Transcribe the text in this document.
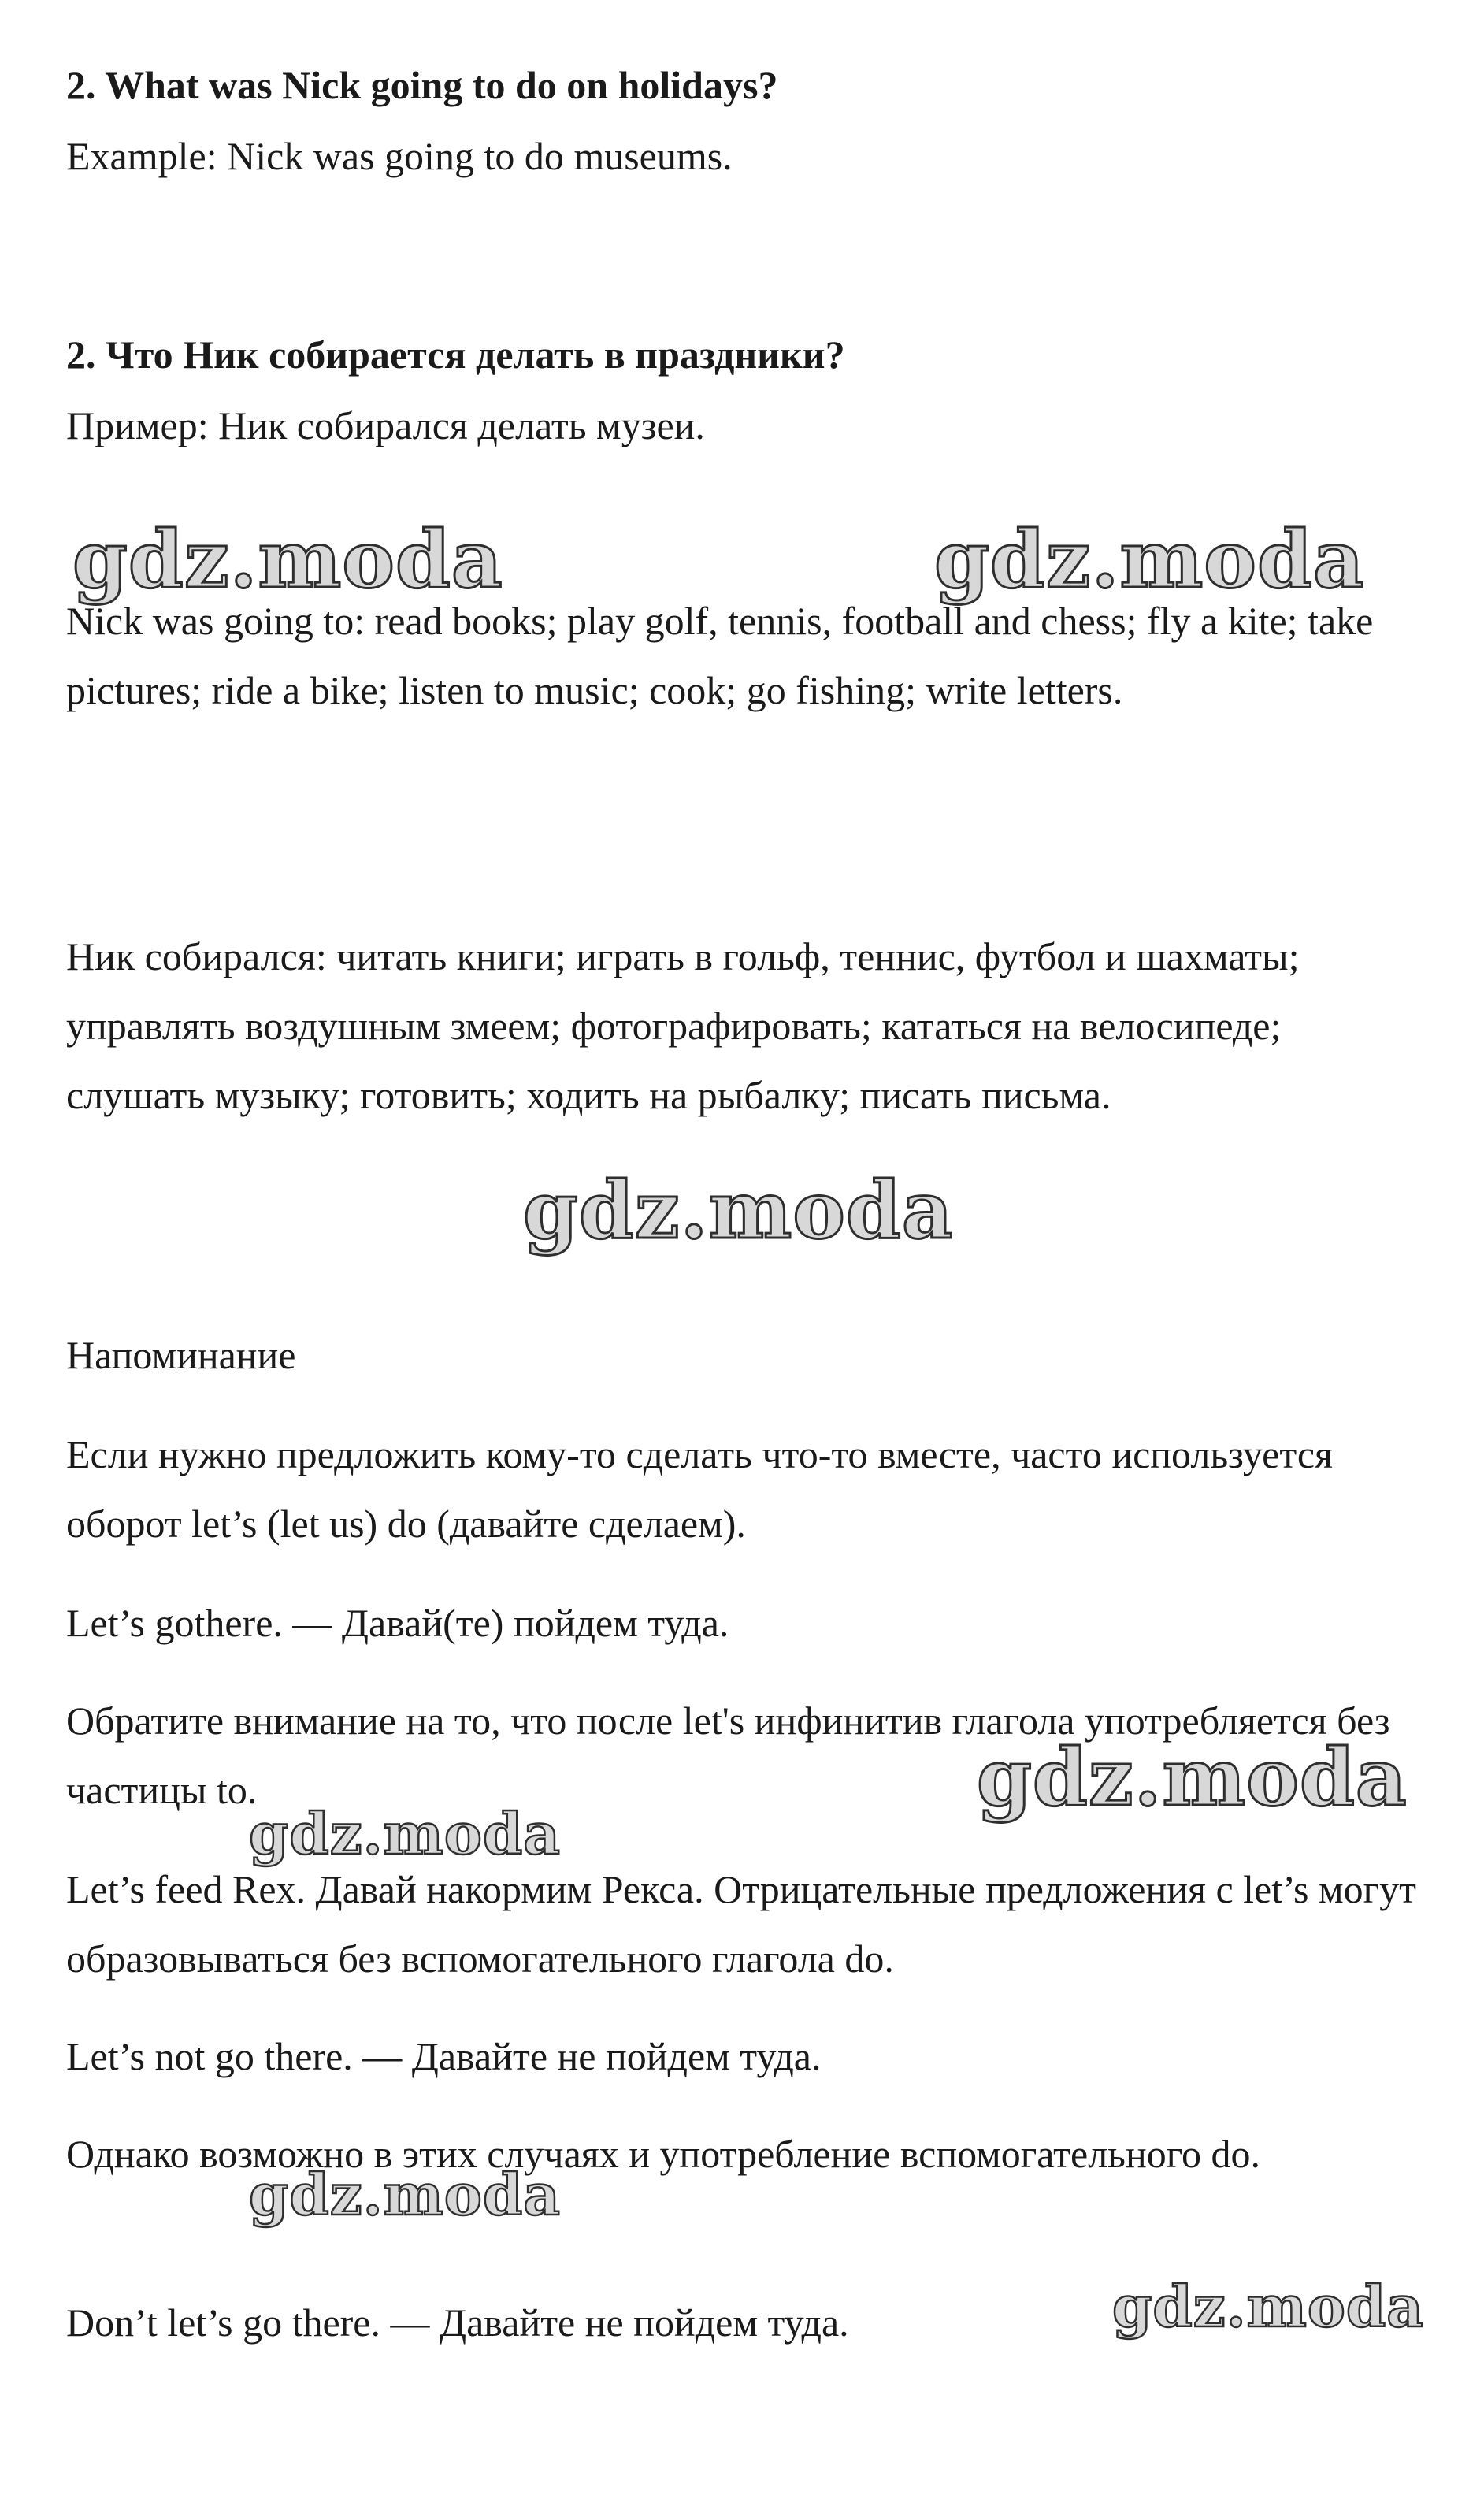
2. What was Nick going to do on holidays?

Example: Nick was going to do museums.

2. Что Ник собирается делать в праздники?

Пример: Ник собирался делать музеи.

Nick was going to: read books; play golf, tennis, football and chess; fly a kite; take pictures; ride a bike; listen to music; cook; go fishing; write letters.

Ник собирался: читать книги; играть в гольф, теннис, футбол и шахматы; управлять воздушным змеем; фотографировать; кататься на велосипеде; слушать музыку; готовить; ходить на рыбалку; писать письма.

Напоминание

Если нужно предложить кому-то сделать что-то вместе, часто используется оборот let’s (let us) do (давайте сделаем).

Let’s gothere. — Давай(те) пойдем туда.

Обратите внимание на то, что после let's инфинитив глагола употребляется без частицы to.

Let’s feed Rex. Давай накормим Рекса. Отрицательные предложения с let’s могут образовываться без вспомогательного глагола do.

Let’s not go there. — Давайте не пойдем туда.

Однако возможно в этих случаях и употребление вспомогательного do.

Don’t let’s go there. — Давайте не пойдем туда.

gdz.moda	gdz.moda
gdz.moda
gdz.moda
gdz.moda
gdz.moda
gdz.moda
